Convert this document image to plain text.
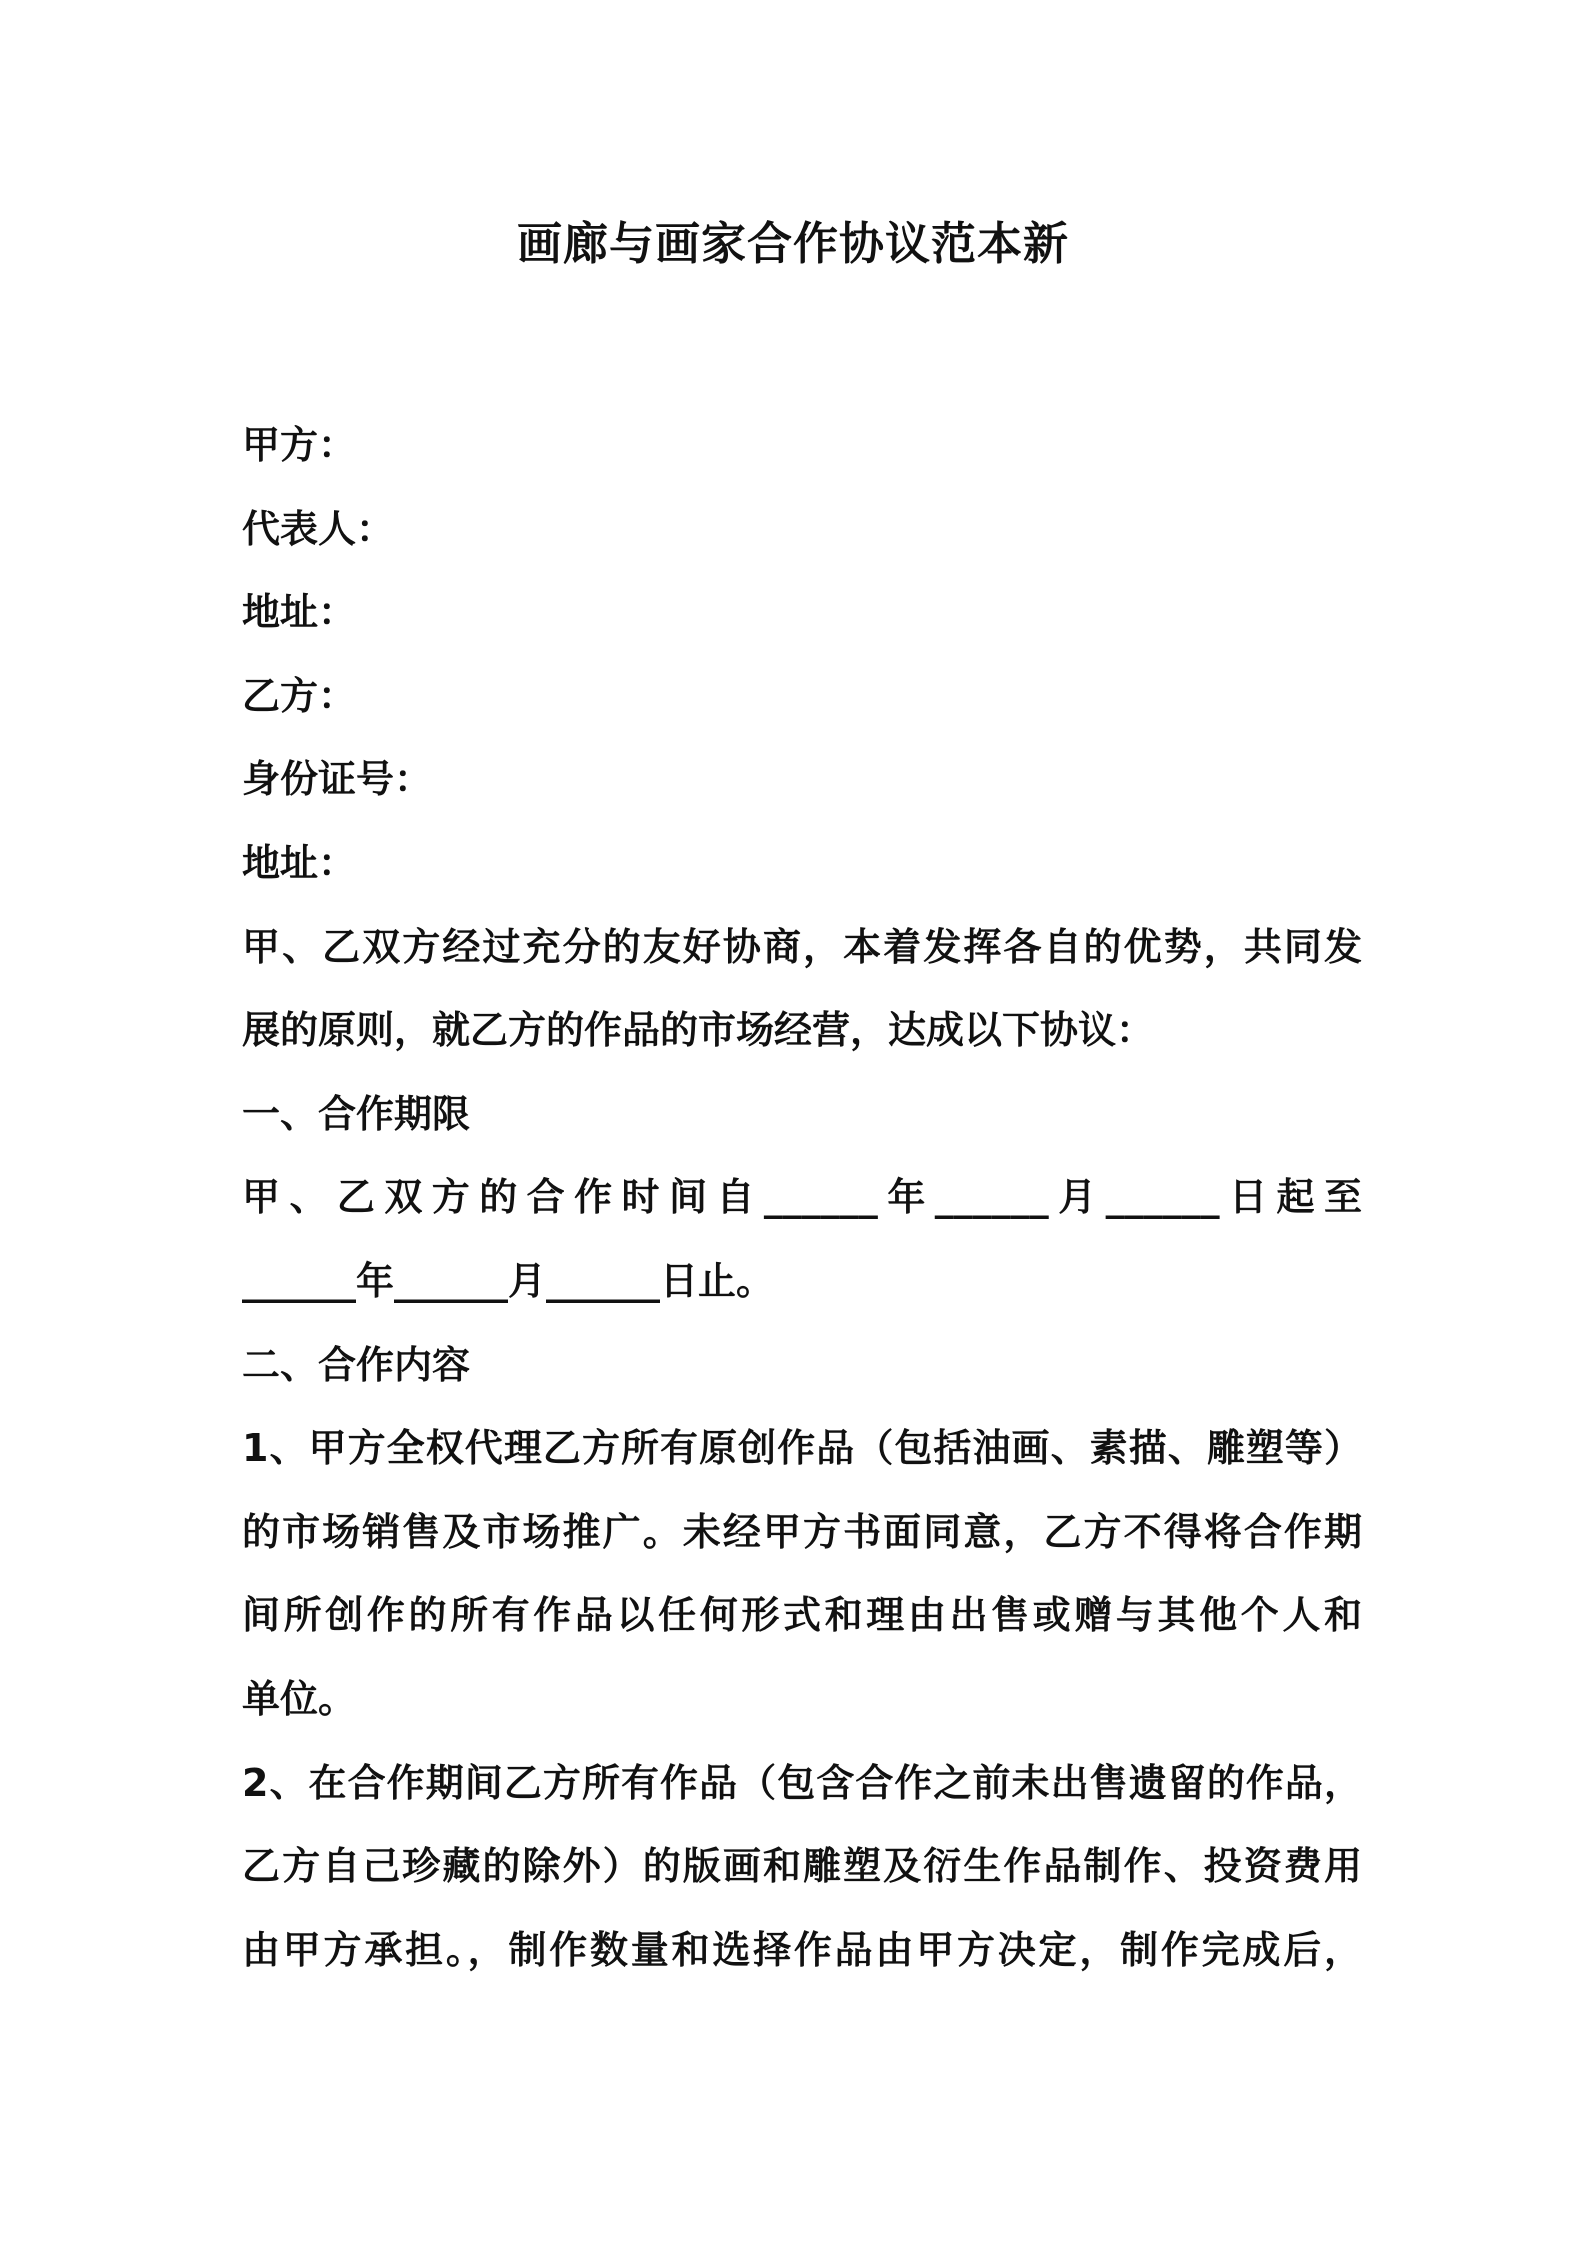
画廊与画家合作协议范本新
甲方：
代表人：
地址：
乙方：
身份证号：
地址：
甲、乙双方经过充分的友好协商，本着发挥各自的优势，共同发
展的原则，就乙方的作品的市场经营，达成以下协议：
一、合作期限
甲、乙双方的合作时间自______年______月______日起至
______年______月______日止。
二、合作内容
1、甲方全权代理乙方所有原创作品（包括油画、素描、雕塑等）
的市场销售及市场推广。未经甲方书面同意，乙方不得将合作期
间所创作的所有作品以任何形式和理由出售或赠与其他个人和
单位。
2、在合作期间乙方所有作品（包含合作之前未出售遗留的作品，
乙方自己珍藏的除外）的版画和雕塑及衍生作品制作、投资费用
由甲方承担。，制作数量和选择作品由甲方决定，制作完成后，
